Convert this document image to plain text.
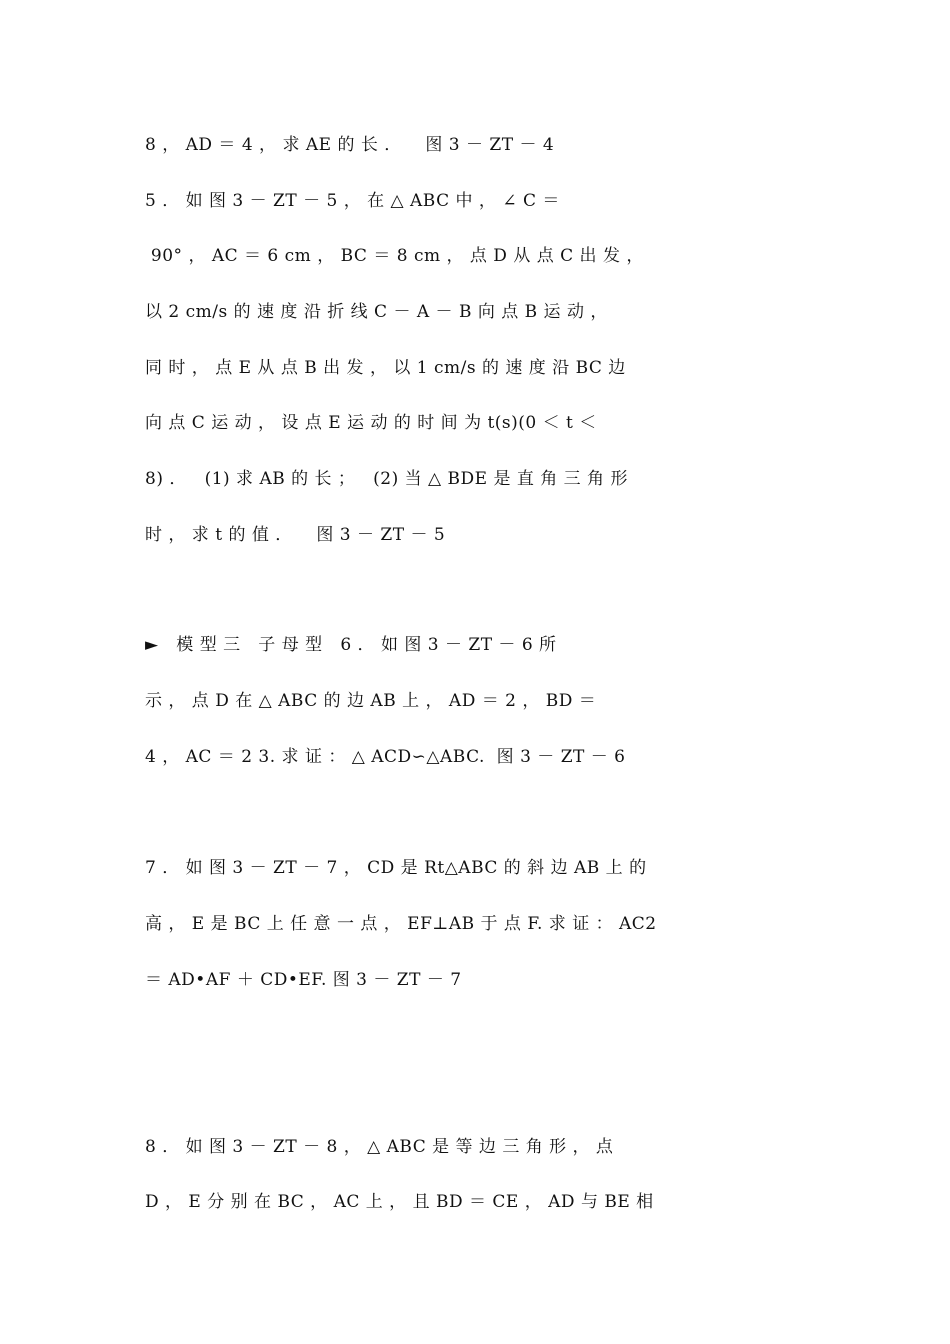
8 ， AD ＝ 4 ， 求 AE 的 长 ．    图 3 － ZT － 4
5 ． 如 图 3 － ZT － 5 ， 在 △ ABC 中 ， ∠ C ＝
90° ， AC ＝ 6 cm ， BC ＝ 8 cm ， 点 D 从 点 C 出 发 ，
以 2 cm/s 的 速 度 沿 折 线 C － A － B 向 点 B 运 动 ，
同 时 ， 点 E 从 点 B 出 发 ， 以 1 cm/s 的 速 度 沿 BC 边
向 点 C 运 动 ， 设 点 E 运 动 的 时 间 为 t(s)(0 ＜ t ＜
8) ．   (1) 求 AB 的 长 ；   (2) 当 △ BDE 是 直 角 三 角 形
时 ， 求 t 的 值 ．    图 3 － ZT － 5
►   模 型 三   子 母 型   6 ． 如 图 3 － ZT － 6 所
示 ， 点 D 在 △ ABC 的 边 AB 上 ， AD ＝ 2 ， BD ＝
4 ， AC ＝ 2 3. 求 证 ： △ ACD∽△ABC.  图 3 － ZT － 6
7 ． 如 图 3 － ZT － 7 ， CD 是 Rt△ABC 的 斜 边 AB 上 的
高 ， E 是 BC 上 任 意 一 点 ， EF⊥AB 于 点 F. 求 证 ： AC2
＝ AD•AF ＋ CD•EF. 图 3 － ZT － 7
8 ． 如 图 3 － ZT － 8 ， △ ABC 是 等 边 三 角 形 ， 点
D ， E 分 别 在 BC ， AC 上 ， 且 BD ＝ CE ， AD 与 BE 相
